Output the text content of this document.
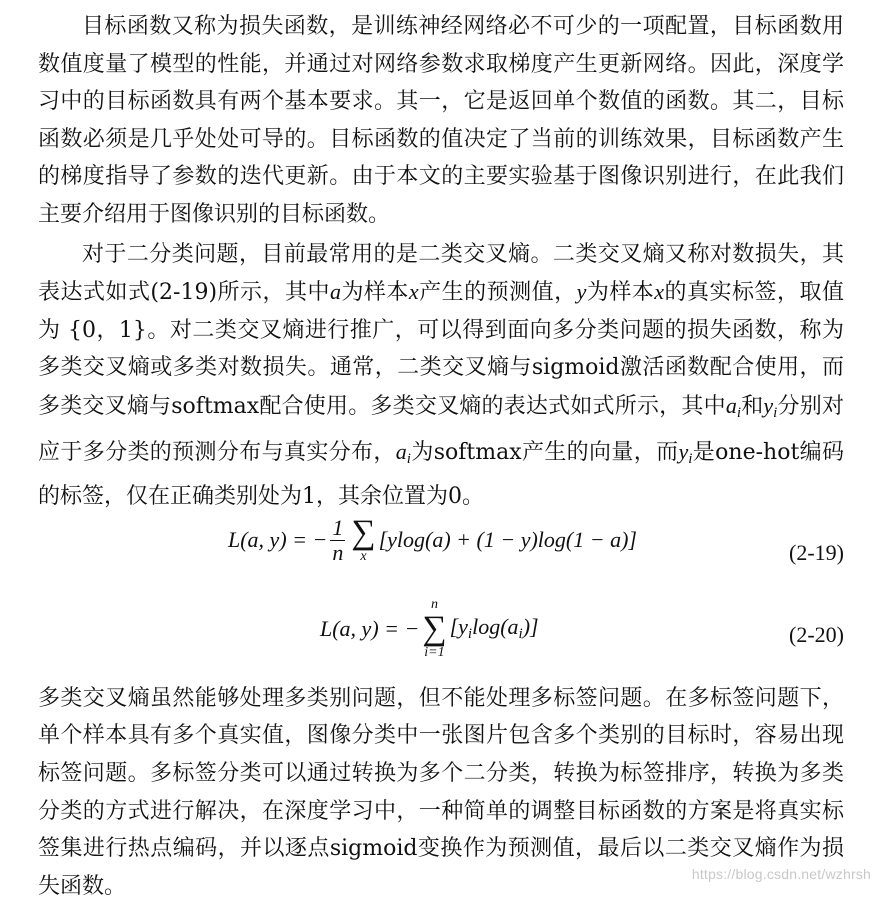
目标函数又称为损失函数，是训练神经网络必不可少的一项配置，目标函数用数值度量了模型的性能，并通过对网络参数求取梯度产生更新网络。因此，深度学习中的目标函数具有两个基本要求。其一，它是返回单个数值的函数。其二，目标函数必须是几乎处处可导的。目标函数的值决定了当前的训练效果，目标函数产生的梯度指导了参数的迭代更新。由于本文的主要实验基于图像识别进行，在此我们主要介绍用于图像识别的目标函数。

对于二分类问题，目前最常用的是二类交叉熵。二类交叉熵又称对数损失，其表达式如式(2-19)所示，其中a为样本x产生的预测值，y为样本x的真实标签，取值为 {0，1}。对二类交叉熵进行推广，可以得到面向多分类问题的损失函数，称为多类交叉熵或多类对数损失。通常，二类交叉熵与sigmoid激活函数配合使用，而多类交叉熵与softmax配合使用。多类交叉熵的表达式如式所示，其中$a_i$和$y_i$分别对应于多分类的预测分布与真实分布，$a_i$为softmax产生的向量，而$y_i$是one-hot编码的标签，仅在正确类别处为1，其余位置为0。

L(a, y) = − $\frac{1}{n}$ ∑
x
[ylog(a) + (1 − y)log(1 − a)]	(2-19)
L(a, y) = −
n
∑
i=1
$[y_i\log(a_i)]$	(2-20)

多类交叉熵虽然能够处理多类别问题，但不能处理多标签问题。在多标签问题下，单个样本具有多个真实值，图像分类中一张图片包含多个类别的目标时，容易出现标签问题。多标签分类可以通过转换为多个二分类，转换为标签排序，转换为多类分类的方式进行解决，在深度学习中，一种简单的调整目标函数的方案是将真实标签集进行热点编码，并以逐点sigmoid变换作为预测值，最后以二类交叉熵作为损失函数。	https://blog.csdn.net/wzhrsh
